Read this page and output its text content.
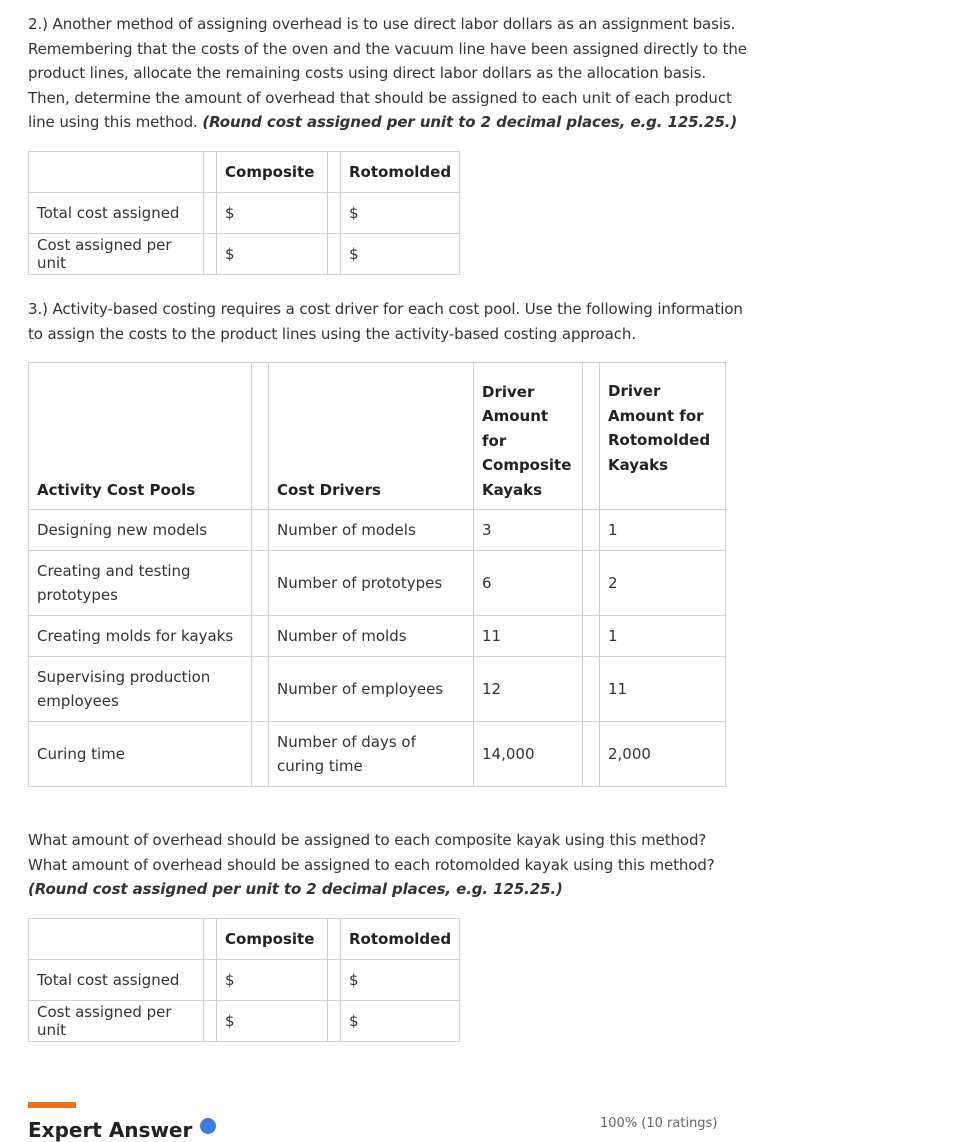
2.) Another method of assigning overhead is to use direct labor dollars as an assignment basis. Remembering that the costs of the oven and the vacuum line have been assigned directly to the product lines, allocate the remaining costs using direct labor dollars as the allocation basis. Then, determine the amount of overhead that should be assigned to each unit of each product line using this method. (Round cost assigned per unit to 2 decimal places, e.g. 125.25.)

		Composite		Rotomolded
Total cost assigned		$		$
Cost assigned per unit		$		$

3.) Activity-based costing requires a cost driver for each cost pool. Use the following information to assign the costs to the product lines using the activity-based costing approach.

Activity Cost Pools		Cost Drivers	Driver Amount for Composite Kayaks		Driver Amount for Rotomolded Kayaks
Designing new models		Number of models	3		1
Creating and testing prototypes		Number of prototypes	6		2
Creating molds for kayaks		Number of molds	11		1
Supervising production employees		Number of employees	12		11
Curing time		Number of days of curing time	14,000		2,000

What amount of overhead should be assigned to each composite kayak using this method? What amount of overhead should be assigned to each rotomolded kayak using this method? (Round cost assigned per unit to 2 decimal places, e.g. 125.25.)

		Composite		Rotomolded
Total cost assigned		$		$
Cost assigned per unit		$		$
Expert Answer	100% (10 ratings)
